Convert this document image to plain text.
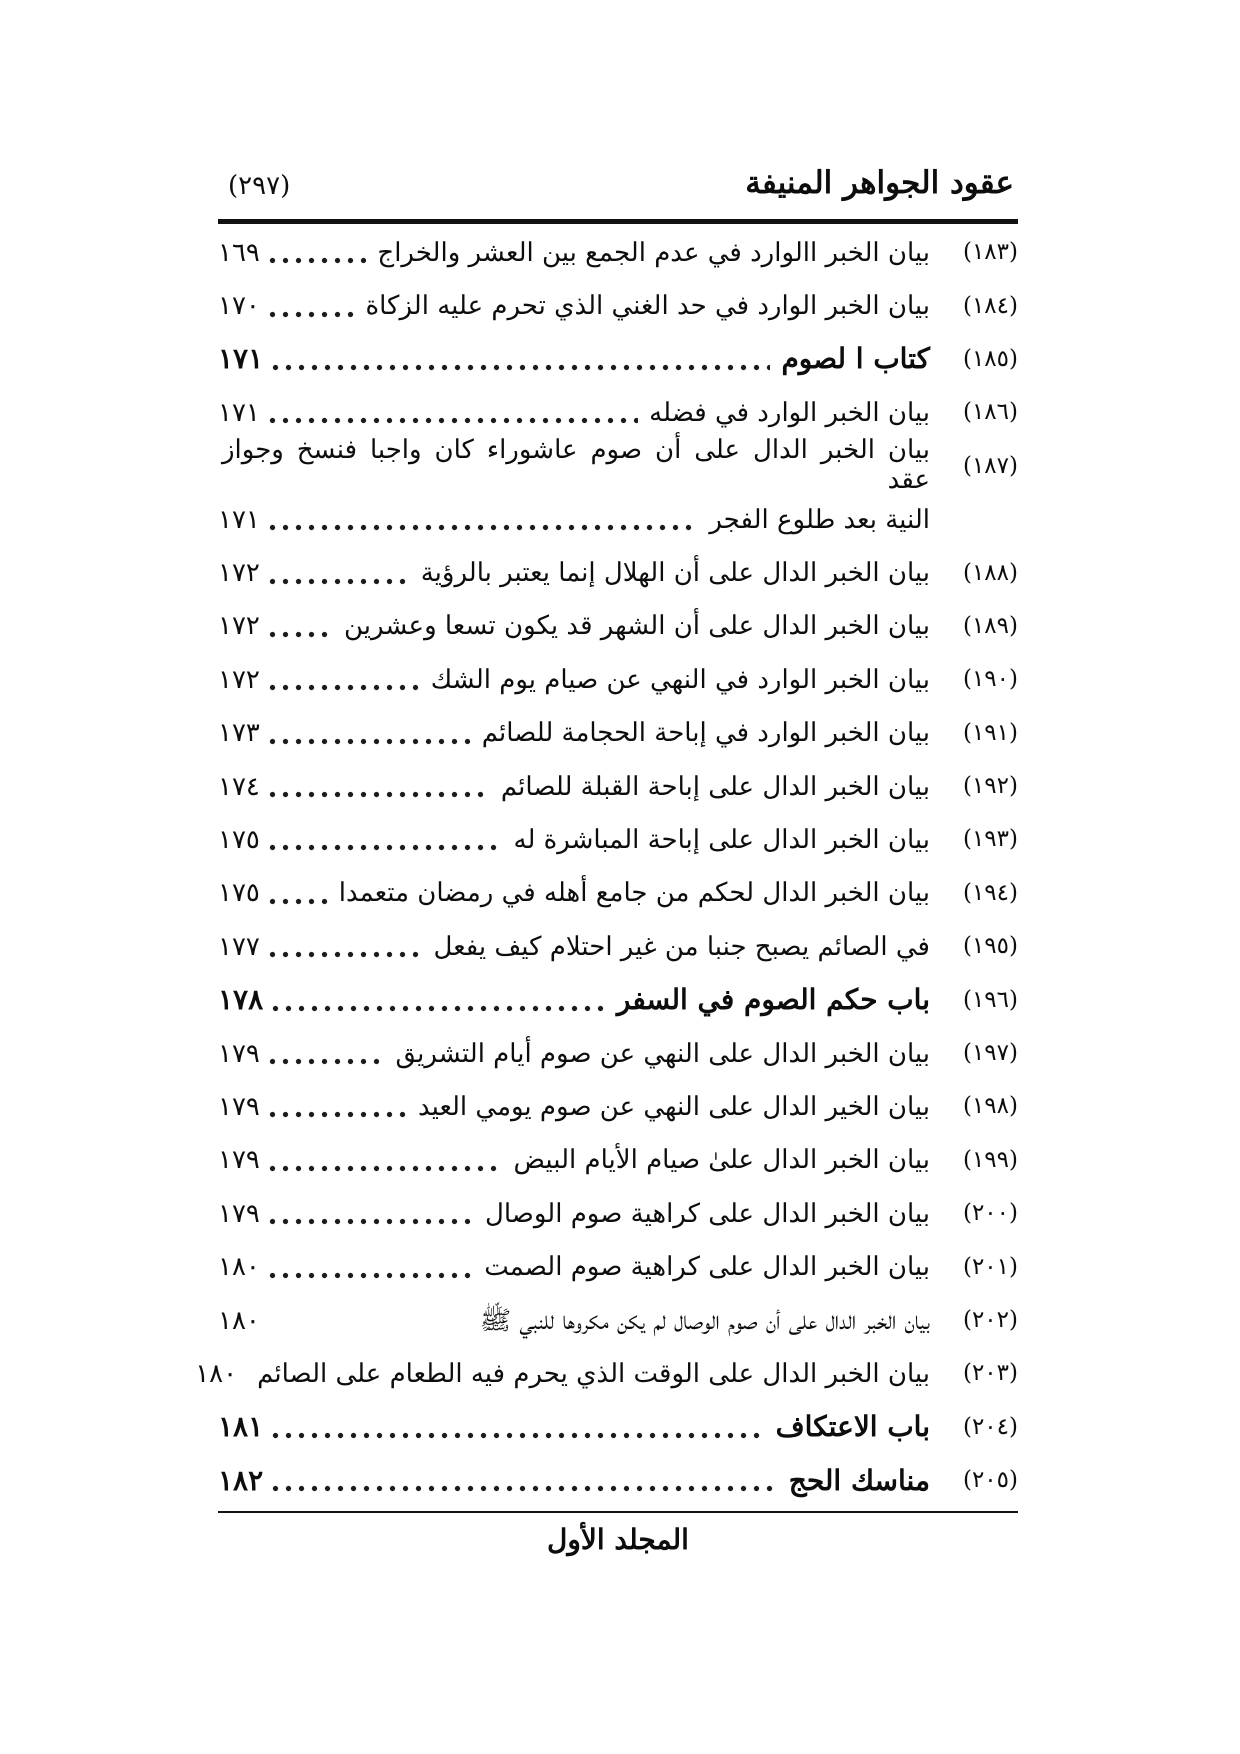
عقود الجواهر المنيفة
(٢٩٧)
(١٨٣)
بيان الخبر االوارد في عدم الجمع بين العشر والخراج
١٦٩
(١٨٤)
بيان الخبر الوارد في حد الغني الذي تحرم عليه الزكاة
١٧٠
(١٨٥)
كتاب ا لصوم
١٧١
(١٨٦)
بيان الخبر الوارد في فضله
١٧١
(١٨٧)
بيان الخبر الدال على أن صوم عاشوراء كان واجبا فنسخ وجواز عقد
النية بعد طلوع الفجر
١٧١
(١٨٨)
بيان الخبر الدال على أن الهلال إنما يعتبر بالرؤية
١٧٢
(١٨٩)
بيان الخبر الدال على أن الشهر قد يكون تسعا وعشرين
١٧٢
(١٩٠)
بيان الخبر الوارد في النهي عن صيام يوم الشك
١٧٢
(١٩١)
بيان الخبر الوارد في إباحة الحجامة للصائم
١٧٣
(١٩٢)
بيان الخبر الدال على إباحة القبلة للصائم
١٧٤
(١٩٣)
بيان الخبر الدال على إباحة المباشرة له
١٧٥
(١٩٤)
بيان الخبر الدال لحكم من جامع أهله في رمضان متعمدا
١٧٥
(١٩٥)
في الصائم يصبح جنبا من غير احتلام كيف يفعل
١٧٧
(١٩٦)
باب حكم الصوم في السفر
١٧٨
(١٩٧)
بيان الخبر الدال على النهي عن صوم أيام التشريق
١٧٩
(١٩٨)
بيان الخير الدال على النهي عن صوم يومي العيد
١٧٩
(١٩٩)
بيان الخبر الدال علىٰ صيام الأيام البيض
١٧٩
(٢٠٠)
بيان الخبر الدال على كراهية صوم الوصال
١٧٩
(٢٠١)
بيان الخبر الدال على كراهية صوم الصمت
١٨٠
(٢٠٢)
بيان الخبر الدال على أن صوم الوصال لم يكن مكروها للنبي ﷺ
١٨٠
(٢٠٣)
بيان الخبر الدال على الوقت الذي يحرم فيه الطعام على الصائم
١٨٠
(٢٠٤)
باب الاعتكاف
١٨١
(٢٠٥)
مناسك الحج
١٨٢
المجلد الأول
